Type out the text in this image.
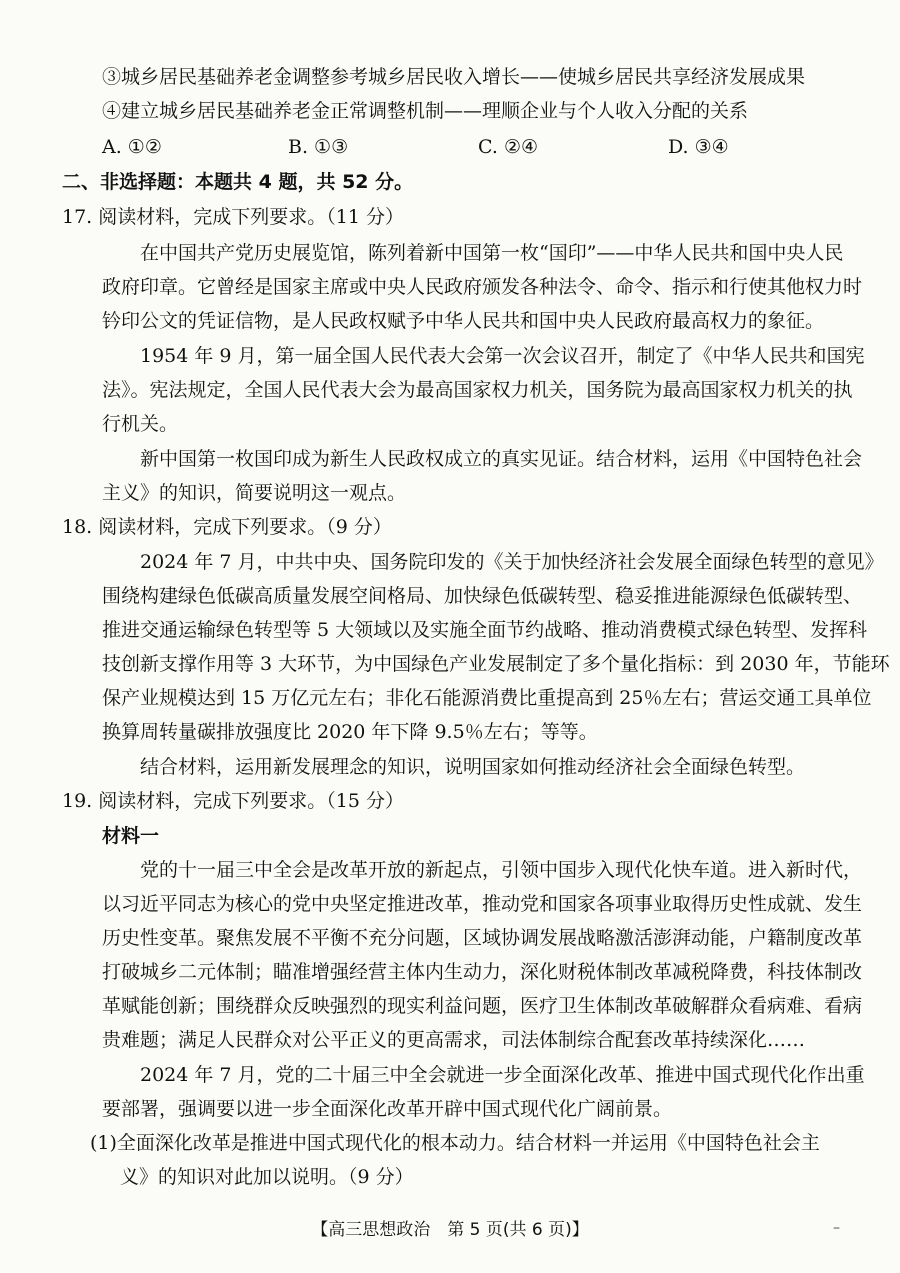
③城乡居民基础养老金调整参考城乡居民收入增长——使城乡居民共享经济发展成果
④建立城乡居民基础养老金正常调整机制——理顺企业与个人收入分配的关系
A. ①②	B. ①③	C. ②④	D. ③④
二、非选择题：本题共 4 题，共 52 分。
17. 阅读材料，完成下列要求。（11 分）
在中国共产党历史展览馆，陈列着新中国第一枚“国印”——中华人民共和国中央人民
政府印章。它曾经是国家主席或中央人民政府颁发各种法令、命令、指示和行使其他权力时
钤印公文的凭证信物，是人民政权赋予中华人民共和国中央人民政府最高权力的象征。
1954 年 9 月，第一届全国人民代表大会第一次会议召开，制定了《中华人民共和国宪
法》。宪法规定，全国人民代表大会为最高国家权力机关，国务院为最高国家权力机关的执
行机关。
新中国第一枚国印成为新生人民政权成立的真实见证。结合材料，运用《中国特色社会
主义》的知识，简要说明这一观点。
18. 阅读材料，完成下列要求。（9 分）
2024 年 7 月，中共中央、国务院印发的《关于加快经济社会发展全面绿色转型的意见》
围绕构建绿色低碳高质量发展空间格局、加快绿色低碳转型、稳妥推进能源绿色低碳转型、
推进交通运输绿色转型等 5 大领域以及实施全面节约战略、推动消费模式绿色转型、发挥科
技创新支撑作用等 3 大环节，为中国绿色产业发展制定了多个量化指标：到 2030 年，节能环
保产业规模达到 15 万亿元左右；非化石能源消费比重提高到 25％左右；营运交通工具单位
换算周转量碳排放强度比 2020 年下降 9.5％左右；等等。
结合材料，运用新发展理念的知识，说明国家如何推动经济社会全面绿色转型。
19. 阅读材料，完成下列要求。（15 分）
材料一
党的十一届三中全会是改革开放的新起点，引领中国步入现代化快车道。进入新时代，
以习近平同志为核心的党中央坚定推进改革，推动党和国家各项事业取得历史性成就、发生
历史性变革。聚焦发展不平衡不充分问题，区域协调发展战略激活澎湃动能，户籍制度改革
打破城乡二元体制；瞄准增强经营主体内生动力，深化财税体制改革减税降费，科技体制改
革赋能创新；围绕群众反映强烈的现实利益问题，医疗卫生体制改革破解群众看病难、看病
贵难题；满足人民群众对公平正义的更高需求，司法体制综合配套改革持续深化……
2024 年 7 月，党的二十届三中全会就进一步全面深化改革、推进中国式现代化作出重
要部署，强调要以进一步全面深化改革开辟中国式现代化广阔前景。
(1)全面深化改革是推进中国式现代化的根本动力。结合材料一并运用《中国特色社会主
义》的知识对此加以说明。（9 分）
【高三思想政治　第 5 页(共 6 页)】	–
